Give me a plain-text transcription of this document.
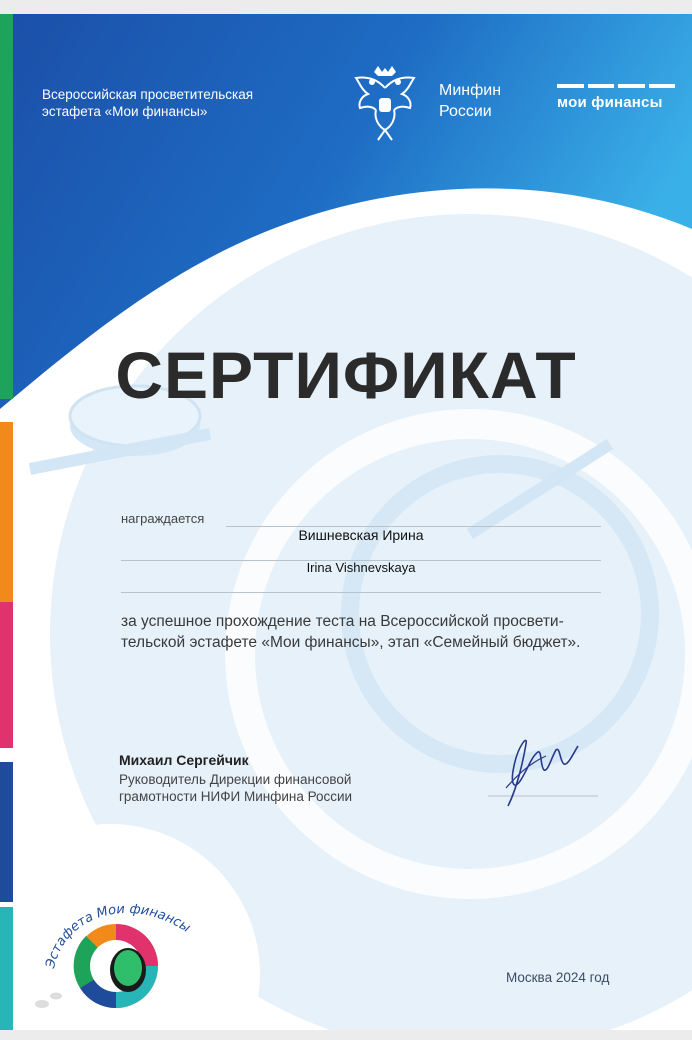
Всероссийская просветительская
эстафета «Мои финансы»
Минфин
России
мои финансы
СЕРТИФИКАТ
награждается
Вишневская Ирина
Irina Vishnevskaya
за успешное прохождение теста на Всероссийской просвети-
тельской эстафете «Мои финансы», этап «Семейный бюджет».
Михаил Сергейчик
Руководитель Дирекции финансовой
грамотности НИФИ Минфина России
Эстафета Мои финансы
Москва 2024 год
